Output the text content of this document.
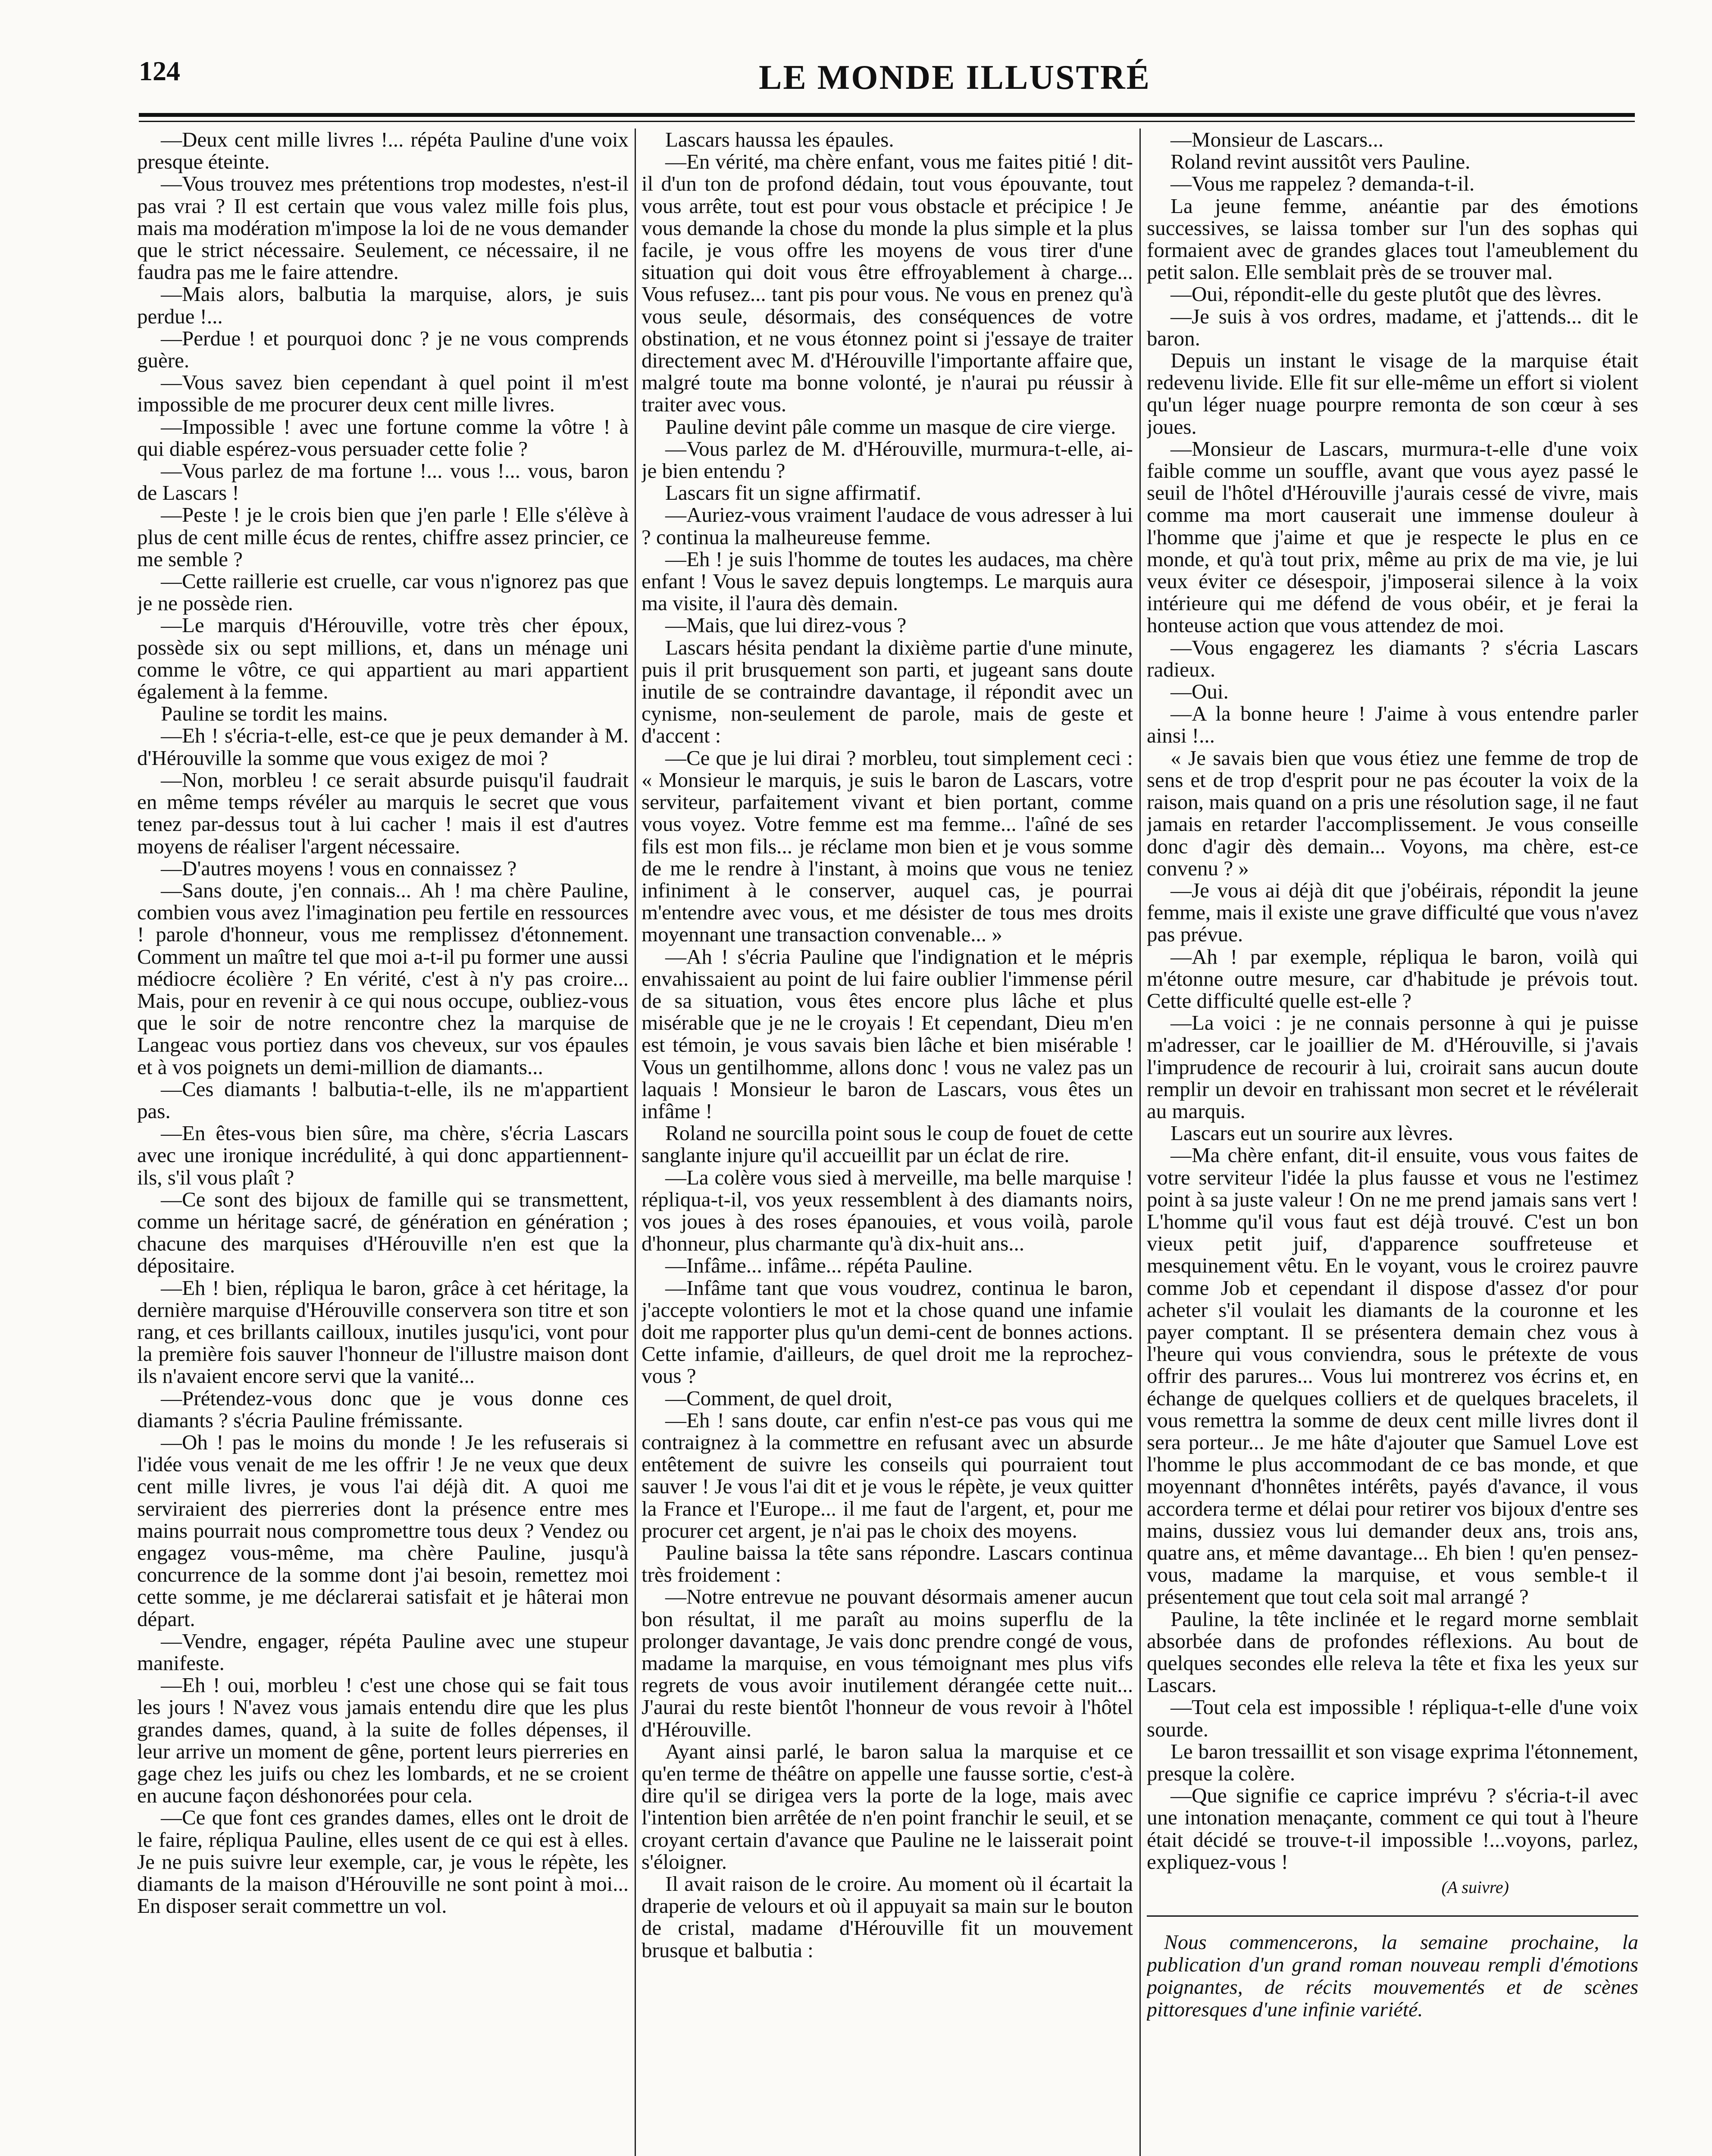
124	LE MONDE ILLUSTRÉ

—Deux cent mille livres !... répéta Pauline d'une voix presque éteinte.

—Vous trouvez mes prétentions trop modestes, n'est-il pas vrai ? Il est certain que vous valez mille fois plus, mais ma modération m'impose la loi de ne vous demander que le strict nécessaire. Seulement, ce nécessaire, il ne faudra pas me le faire attendre.

—Mais alors, balbutia la marquise, alors, je suis perdue !...

—Perdue ! et pourquoi donc ? je ne vous comprends guère.

—Vous savez bien cependant à quel point il m'est impossible de me procurer deux cent mille livres.

—Impossible ! avec une fortune comme la vôtre ! à qui diable espérez-vous persuader cette folie ?

—Vous parlez de ma fortune !... vous !... vous, baron de Lascars !

—Peste ! je le crois bien que j'en parle ! Elle s'élève à plus de cent mille écus de rentes, chiffre assez princier, ce me semble ?

—Cette raillerie est cruelle, car vous n'ignorez pas que je ne possède rien.

—Le marquis d'Hérouville, votre très cher époux, possède six ou sept millions, et, dans un ménage uni comme le vôtre, ce qui appartient au mari appartient également à la femme.

Pauline se tordit les mains.

—Eh ! s'écria-t-elle, est-ce que je peux demander à M. d'Hérouville la somme que vous exigez de moi ?

—Non, morbleu ! ce serait absurde puisqu'il faudrait en même temps révéler au marquis le secret que vous tenez par-dessus tout à lui cacher ! mais il est d'autres moyens de réaliser l'argent nécessaire.

—D'autres moyens ! vous en connaissez ?

—Sans doute, j'en connais... Ah ! ma chère Pauline, combien vous avez l'imagination peu fertile en ressources ! parole d'honneur, vous me remplissez d'étonnement. Comment un maître tel que moi a-t-il pu former une aussi médiocre écolière ? En vérité, c'est à n'y pas croire... Mais, pour en revenir à ce qui nous occupe, oubliez-vous que le soir de notre rencontre chez la marquise de Langeac vous portiez dans vos cheveux, sur vos épaules et à vos poignets un demi-million de diamants...

—Ces diamants ! balbutia-t-elle, ils ne m'appartient pas.

—En êtes-vous bien sûre, ma chère, s'écria Lascars avec une ironique incrédulité, à qui donc appartiennent-ils, s'il vous plaît ?

—Ce sont des bijoux de famille qui se transmettent, comme un héritage sacré, de génération en génération ; chacune des marquises d'Hérouville n'en est que la dépositaire.

—Eh ! bien, répliqua le baron, grâce à cet héritage, la dernière marquise d'Hérouville conservera son titre et son rang, et ces brillants cailloux, inutiles jusqu'ici, vont pour la première fois sauver l'honneur de l'illustre maison dont ils n'avaient encore servi que la vanité...

—Prétendez-vous donc que je vous donne ces diamants ? s'écria Pauline frémissante.

—Oh ! pas le moins du monde ! Je les refuserais si l'idée vous venait de me les offrir ! Je ne veux que deux cent mille livres, je vous l'ai déjà dit. A quoi me serviraient des pierreries dont la présence entre mes mains pourrait nous compromettre tous deux ? Vendez ou engagez vous-même, ma chère Pauline, jusqu'à concurrence de la somme dont j'ai besoin, remettez moi cette somme, je me déclarerai satisfait et je hâterai mon départ.

—Vendre, engager, répéta Pauline avec une stupeur manifeste.

—Eh ! oui, morbleu ! c'est une chose qui se fait tous les jours ! N'avez vous jamais entendu dire que les plus grandes dames, quand, à la suite de folles dépenses, il leur arrive un moment de gêne, portent leurs pierreries en gage chez les juifs ou chez les lombards, et ne se croient en aucune façon déshonorées pour cela.

—Ce que font ces grandes dames, elles ont le droit de le faire, répliqua Pauline, elles usent de ce qui est à elles. Je ne puis suivre leur exemple, car, je vous le répète, les diamants de la maison d'Hérouville ne sont point à moi... En disposer serait commettre un vol.

Lascars haussa les épaules.

—En vérité, ma chère enfant, vous me faites pitié ! dit-il d'un ton de profond dédain, tout vous épouvante, tout vous arrête, tout est pour vous obstacle et précipice ! Je vous demande la chose du monde la plus simple et la plus facile, je vous offre les moyens de vous tirer d'une situation qui doit vous être effroyablement à charge... Vous refusez... tant pis pour vous. Ne vous en prenez qu'à vous seule, désormais, des conséquences de votre obstination, et ne vous étonnez point si j'essaye de traiter directement avec M. d'Hérouville l'importante affaire que, malgré toute ma bonne volonté, je n'aurai pu réussir à traiter avec vous.

Pauline devint pâle comme un masque de cire vierge.

—Vous parlez de M. d'Hérouville, murmura-t-elle, ai-je bien entendu ?

Lascars fit un signe affirmatif.

—Auriez-vous vraiment l'audace de vous adresser à lui ? continua la malheureuse femme.

—Eh ! je suis l'homme de toutes les audaces, ma chère enfant ! Vous le savez depuis longtemps. Le marquis aura ma visite, il l'aura dès demain.

—Mais, que lui direz-vous ?

Lascars hésita pendant la dixième partie d'une minute, puis il prit brusquement son parti, et jugeant sans doute inutile de se contraindre davantage, il répondit avec un cynisme, non-seulement de parole, mais de geste et d'accent :

—Ce que je lui dirai ? morbleu, tout simplement ceci : « Monsieur le marquis, je suis le baron de Lascars, votre serviteur, parfaitement vivant et bien portant, comme vous voyez. Votre femme est ma femme... l'aîné de ses fils est mon fils... je réclame mon bien et je vous somme de me le rendre à l'instant, à moins que vous ne teniez infiniment à le conserver, auquel cas, je pourrai m'entendre avec vous, et me désister de tous mes droits moyennant une transaction convenable... »

—Ah ! s'écria Pauline que l'indignation et le mépris envahissaient au point de lui faire oublier l'immense péril de sa situation, vous êtes encore plus lâche et plus misérable que je ne le croyais ! Et cependant, Dieu m'en est témoin, je vous savais bien lâche et bien misérable ! Vous un gentilhomme, allons donc ! vous ne valez pas un laquais ! Monsieur le baron de Lascars, vous êtes un infâme !

Roland ne sourcilla point sous le coup de fouet de cette sanglante injure qu'il accueillit par un éclat de rire.

—La colère vous sied à merveille, ma belle marquise ! répliqua-t-il, vos yeux ressemblent à des diamants noirs, vos joues à des roses épanouies, et vous voilà, parole d'honneur, plus charmante qu'à dix-huit ans...

—Infâme... infâme... répéta Pauline.

—Infâme tant que vous voudrez, continua le baron, j'accepte volontiers le mot et la chose quand une infamie doit me rapporter plus qu'un demi-cent de bonnes actions. Cette infamie, d'ailleurs, de quel droit me la reprochez-vous ?

—Comment, de quel droit,

—Eh ! sans doute, car enfin n'est-ce pas vous qui me contraignez à la commettre en refusant avec un absurde entêtement de suivre les conseils qui pourraient tout sauver ! Je vous l'ai dit et je vous le répète, je veux quitter la France et l'Europe... il me faut de l'argent, et, pour me procurer cet argent, je n'ai pas le choix des moyens.

Pauline baissa la tête sans répondre. Lascars continua très froidement :

—Notre entrevue ne pouvant désormais amener aucun bon résultat, il me paraît au moins superflu de la prolonger davantage, Je vais donc prendre congé de vous, madame la marquise, en vous témoignant mes plus vifs regrets de vous avoir inutilement dérangée cette nuit... J'aurai du reste bientôt l'honneur de vous revoir à l'hôtel d'Hérouville.

Ayant ainsi parlé, le baron salua la marquise et ce qu'en terme de théâtre on appelle une fausse sortie, c'est-à dire qu'il se dirigea vers la porte de la loge, mais avec l'intention bien arrêtée de n'en point franchir le seuil, et se croyant certain d'avance que Pauline ne le laisserait point s'éloigner.

Il avait raison de le croire. Au moment où il écartait la draperie de velours et où il appuyait sa main sur le bouton de cristal, madame d'Hérouville fit un mouvement brusque et balbutia :

—Monsieur de Lascars...

Roland revint aussitôt vers Pauline.

—Vous me rappelez ? demanda-t-il.

La jeune femme, anéantie par des émotions successives, se laissa tomber sur l'un des sophas qui formaient avec de grandes glaces tout l'ameublement du petit salon. Elle semblait près de se trouver mal.

—Oui, répondit-elle du geste plutôt que des lèvres.

—Je suis à vos ordres, madame, et j'attends... dit le baron.

Depuis un instant le visage de la marquise était redevenu livide. Elle fit sur elle-même un effort si violent qu'un léger nuage pourpre remonta de son cœur à ses joues.

—Monsieur de Lascars, murmura-t-elle d'une voix faible comme un souffle, avant que vous ayez passé le seuil de l'hôtel d'Hérouville j'aurais cessé de vivre, mais comme ma mort causerait une immense douleur à l'homme que j'aime et que je respecte le plus en ce monde, et qu'à tout prix, même au prix de ma vie, je lui veux éviter ce désespoir, j'imposerai silence à la voix intérieure qui me défend de vous obéir, et je ferai la honteuse action que vous attendez de moi.

—Vous engagerez les diamants ? s'écria Lascars radieux.

—Oui.

—A la bonne heure ! J'aime à vous entendre parler ainsi !...

« Je savais bien que vous étiez une femme de trop de sens et de trop d'esprit pour ne pas écouter la voix de la raison, mais quand on a pris une résolution sage, il ne faut jamais en retarder l'accomplissement. Je vous conseille donc d'agir dès demain... Voyons, ma chère, est-ce convenu ? »

—Je vous ai déjà dit que j'obéirais, répondit la jeune femme, mais il existe une grave difficulté que vous n'avez pas prévue.

—Ah ! par exemple, répliqua le baron, voilà qui m'étonne outre mesure, car d'habitude je prévois tout. Cette difficulté quelle est-elle ?

—La voici : je ne connais personne à qui je puisse m'adresser, car le joaillier de M. d'Hérouville, si j'avais l'imprudence de recourir à lui, croirait sans aucun doute remplir un devoir en trahissant mon secret et le révélerait au marquis.

Lascars eut un sourire aux lèvres.

—Ma chère enfant, dit-il ensuite, vous vous faites de votre serviteur l'idée la plus fausse et vous ne l'estimez point à sa juste valeur ! On ne me prend jamais sans vert ! L'homme qu'il vous faut est déjà trouvé. C'est un bon vieux petit juif, d'apparence souffreteuse et mesquinement vêtu. En le voyant, vous le croirez pauvre comme Job et cependant il dispose d'assez d'or pour acheter s'il voulait les diamants de la couronne et les payer comptant. Il se présentera demain chez vous à l'heure qui vous conviendra, sous le prétexte de vous offrir des parures... Vous lui montrerez vos écrins et, en échange de quelques colliers et de quelques bracelets, il vous remettra la somme de deux cent mille livres dont il sera porteur... Je me hâte d'ajouter que Samuel Love est l'homme le plus accommodant de ce bas monde, et que moyennant d'honnêtes intérêts, payés d'avance, il vous accordera terme et délai pour retirer vos bijoux d'entre ses mains, dussiez vous lui demander deux ans, trois ans, quatre ans, et même davantage... Eh bien ! qu'en pensez-vous, madame la marquise, et vous semble-t il présentement que tout cela soit mal arrangé ?

Pauline, la tête inclinée et le regard morne semblait absorbée dans de profondes réflexions. Au bout de quelques secondes elle releva la tête et fixa les yeux sur Lascars.

—Tout cela est impossible ! répliqua-t-elle d'une voix sourde.

Le baron tressaillit et son visage exprima l'étonnement, presque la colère.

—Que signifie ce caprice imprévu ? s'écria-t-il avec une intonation menaçante, comment ce qui tout à l'heure était décidé se trouve-t-il impossible !...voyons, parlez, expliquez-vous !

(A suivre)

Nous commencerons, la semaine prochaine, la publication d'un grand roman nouveau rempli d'émotions poignantes, de récits mouvementés et de scènes pittoresques d'une infinie variété.
